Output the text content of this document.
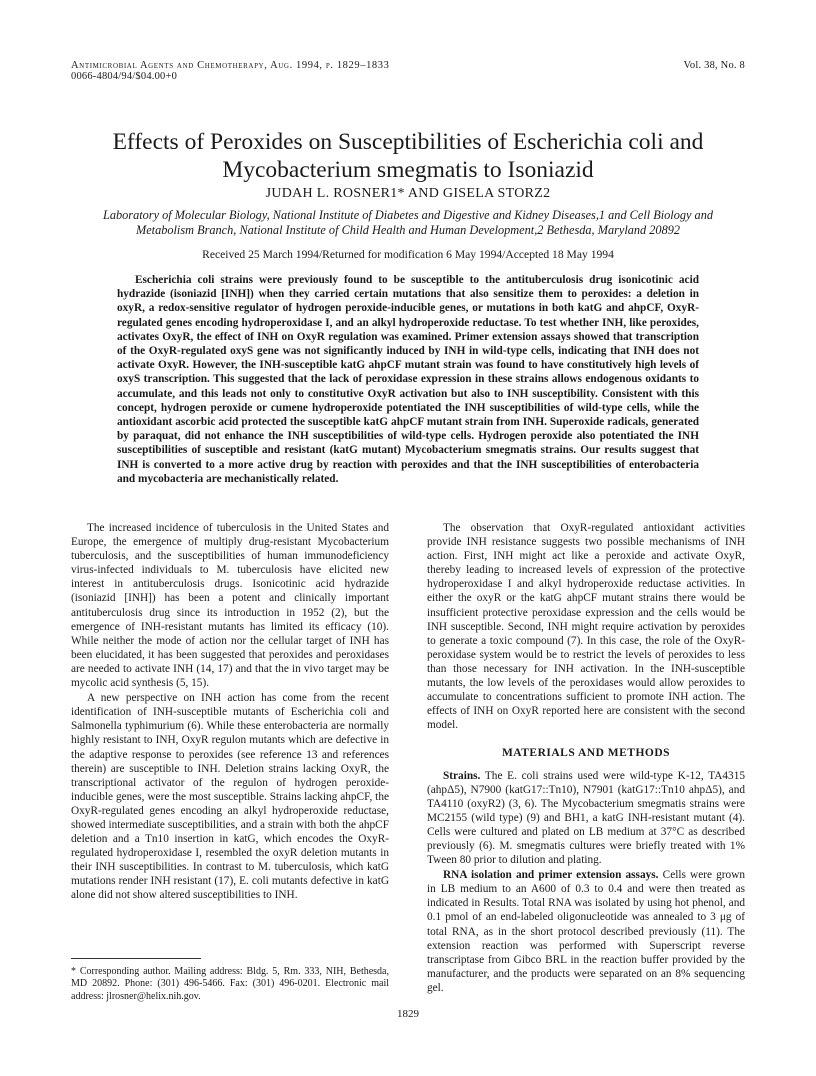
Antimicrobial Agents and Chemotherapy, Aug. 1994, p. 1829–1833	Vol. 38, No. 8
0066-4804/94/$04.00+0
Effects of Peroxides on Susceptibilities of Escherichia coli and Mycobacterium smegmatis to Isoniazid
JUDAH L. ROSNER1* AND GISELA STORZ2
Laboratory of Molecular Biology, National Institute of Diabetes and Digestive and Kidney Diseases,1 and Cell Biology and Metabolism Branch, National Institute of Child Health and Human Development,2 Bethesda, Maryland 20892
Received 25 March 1994/Returned for modification 6 May 1994/Accepted 18 May 1994
Escherichia coli strains were previously found to be susceptible to the antituberculosis drug isonicotinic acid hydrazide (isoniazid [INH]) when they carried certain mutations that also sensitize them to peroxides: a deletion in oxyR, a redox-sensitive regulator of hydrogen peroxide-inducible genes, or mutations in both katG and ahpCF, OxyR-regulated genes encoding hydroperoxidase I, and an alkyl hydroperoxide reductase. To test whether INH, like peroxides, activates OxyR, the effect of INH on OxyR regulation was examined. Primer extension assays showed that transcription of the OxyR-regulated oxyS gene was not significantly induced by INH in wild-type cells, indicating that INH does not activate OxyR. However, the INH-susceptible katG ahpCF mutant strain was found to have constitutively high levels of oxyS transcription. This suggested that the lack of peroxidase expression in these strains allows endogenous oxidants to accumulate, and this leads not only to constitutive OxyR activation but also to INH susceptibility. Consistent with this concept, hydrogen peroxide or cumene hydroperoxide potentiated the INH susceptibilities of wild-type cells, while the antioxidant ascorbic acid protected the susceptible katG ahpCF mutant strain from INH. Superoxide radicals, generated by paraquat, did not enhance the INH susceptibilities of wild-type cells. Hydrogen peroxide also potentiated the INH susceptibilities of susceptible and resistant (katG mutant) Mycobacterium smegmatis strains. Our results suggest that INH is converted to a more active drug by reaction with peroxides and that the INH susceptibilities of enterobacteria and mycobacteria are mechanistically related.

The increased incidence of tuberculosis in the United States and Europe, the emergence of multiply drug-resistant Mycobacterium tuberculosis, and the susceptibilities of human immunodeficiency virus-infected individuals to M. tuberculosis have elicited new interest in antituberculosis drugs. Isonicotinic acid hydrazide (isoniazid [INH]) has been a potent and clinically important antituberculosis drug since its introduction in 1952 (2), but the emergence of INH-resistant mutants has limited its efficacy (10). While neither the mode of action nor the cellular target of INH has been elucidated, it has been suggested that peroxides and peroxidases are needed to activate INH (14, 17) and that the in vivo target may be mycolic acid synthesis (5, 15).

A new perspective on INH action has come from the recent identification of INH-susceptible mutants of Escherichia coli and Salmonella typhimurium (6). While these enterobacteria are normally highly resistant to INH, OxyR regulon mutants which are defective in the adaptive response to peroxides (see reference 13 and references therein) are susceptible to INH. Deletion strains lacking OxyR, the transcriptional activator of the regulon of hydrogen peroxide-inducible genes, were the most susceptible. Strains lacking ahpCF, the OxyR-regulated genes encoding an alkyl hydroperoxide reductase, showed intermediate susceptibilities, and a strain with both the ahpCF deletion and a Tn10 insertion in katG, which encodes the OxyR-regulated hydroperoxidase I, resembled the oxyR deletion mutants in their INH susceptibilities. In contrast to M. tuberculosis, which katG mutations render INH resistant (17), E. coli mutants defective in katG alone did not show altered susceptibilities to INH.

The observation that OxyR-regulated antioxidant activities provide INH resistance suggests two possible mechanisms of INH action. First, INH might act like a peroxide and activate OxyR, thereby leading to increased levels of expression of the protective hydroperoxidase I and alkyl hydroperoxide reductase activities. In either the oxyR or the katG ahpCF mutant strains there would be insufficient protective peroxidase expression and the cells would be INH susceptible. Second, INH might require activation by peroxides to generate a toxic compound (7). In this case, the role of the OxyR-peroxidase system would be to restrict the levels of peroxides to less than those necessary for INH activation. In the INH-susceptible mutants, the low levels of the peroxidases would allow peroxides to accumulate to concentrations sufficient to promote INH action. The effects of INH on OxyR reported here are consistent with the second model.

MATERIALS AND METHODS

Strains. The E. coli strains used were wild-type K-12, TA4315 (ahpΔ5), N7900 (katG17::Tn10), N7901 (katG17::Tn10 ahpΔ5), and TA4110 (oxyR2) (3, 6). The Mycobacterium smegmatis strains were MC2155 (wild type) (9) and BH1, a katG INH-resistant mutant (4). Cells were cultured and plated on LB medium at 37°C as described previously (6). M. smegmatis cultures were briefly treated with 1% Tween 80 prior to dilution and plating.

RNA isolation and primer extension assays. Cells were grown in LB medium to an A600 of 0.3 to 0.4 and were then treated as indicated in Results. Total RNA was isolated by using hot phenol, and 0.1 pmol of an end-labeled oligonucleotide was annealed to 3 μg of total RNA, as in the short protocol described previously (11). The extension reaction was performed with Superscript reverse transcriptase from Gibco BRL in the reaction buffer provided by the manufacturer, and the products were separated on an 8% sequencing gel.

* Corresponding author. Mailing address: Bldg. 5, Rm. 333, NIH, Bethesda, MD 20892. Phone: (301) 496-5466. Fax: (301) 496-0201. Electronic mail address: jlrosner@helix.nih.gov.
1829
